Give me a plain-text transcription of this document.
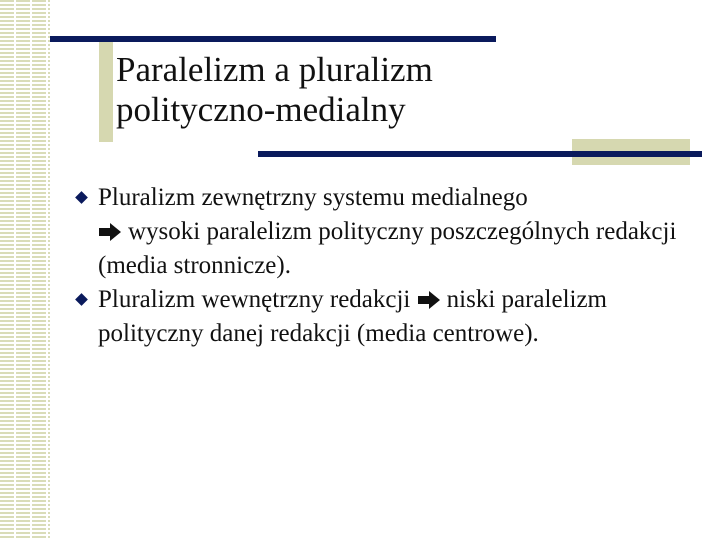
Paralelizm a pluralizm
polityczno-medialny

Pluralizm zewnętrzny systemu medialnego

wysoki paralelizm polityczny poszczególnych redakcji (media stronnicze).

Pluralizm wewnętrzny redakcji niski paralelizm polityczny danej redakcji (media centrowe).
